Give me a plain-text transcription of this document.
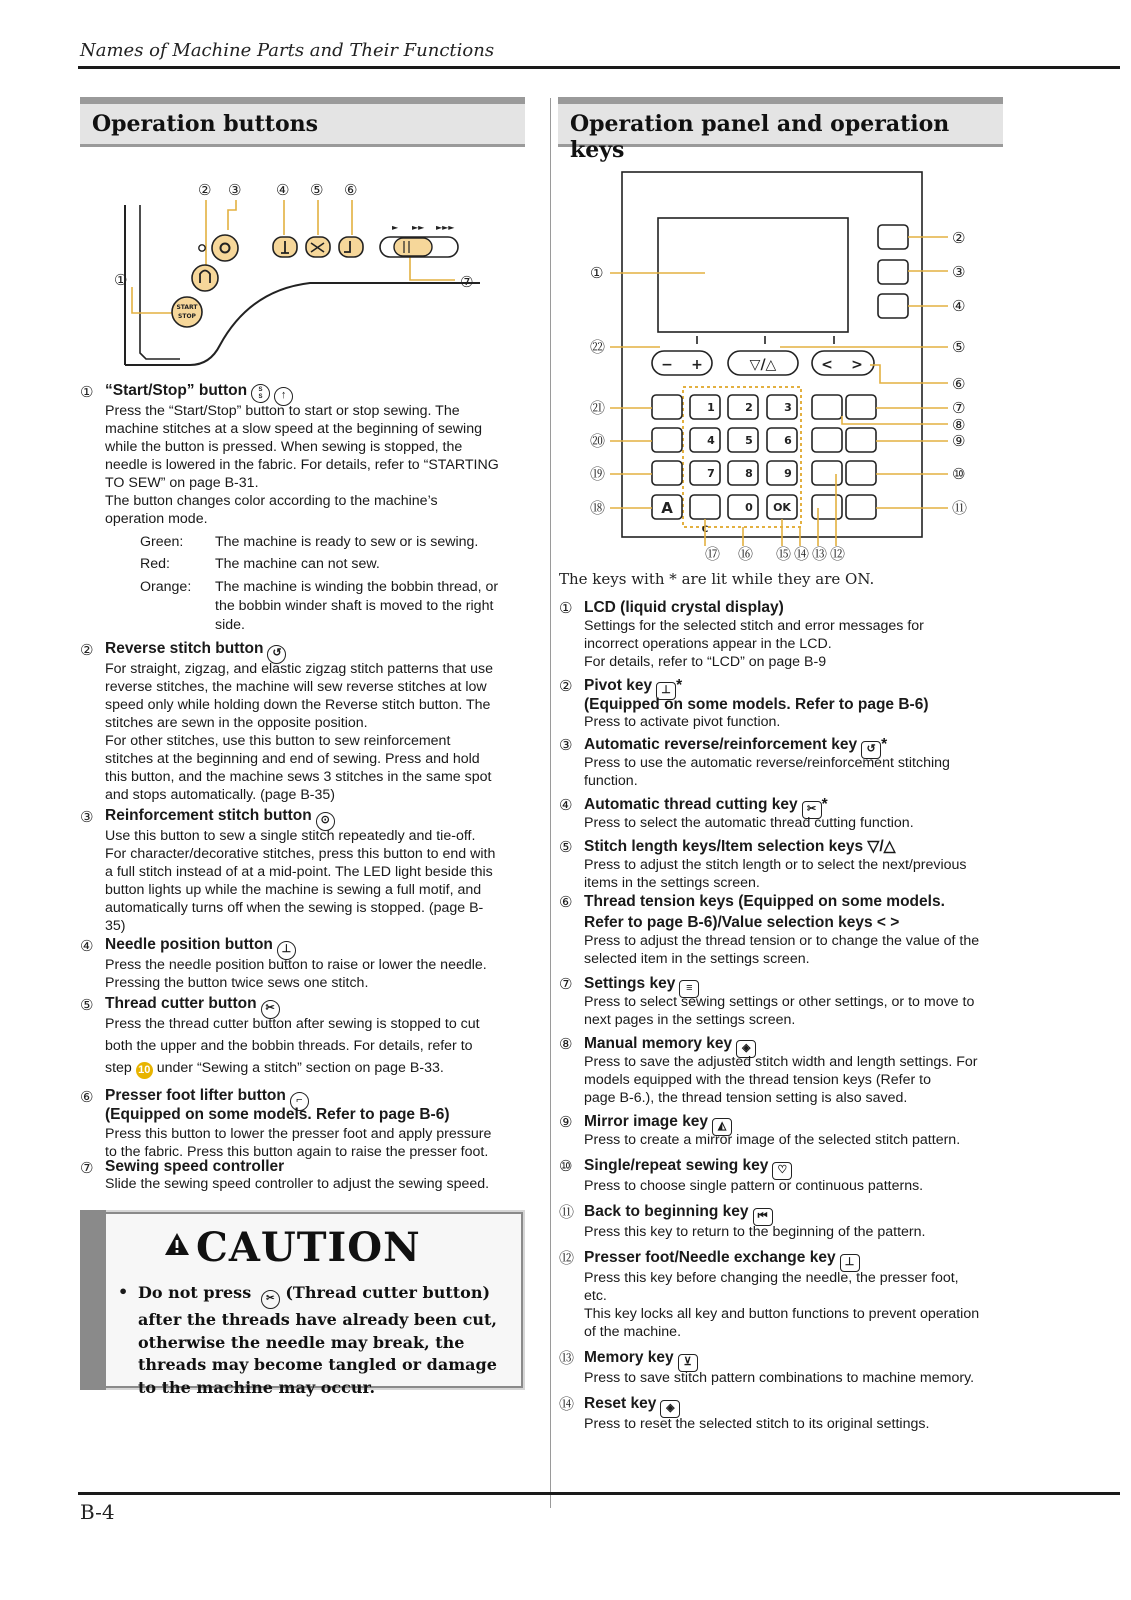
Names of Machine Parts and Their Functions
Operation buttons
② ③ ④ ⑤ ⑥
①	⑦
START
STOP
► ►► ►►►
① “Start/Stop” button S
S ↑
Press the “Start/Stop” button to start or stop sewing. The
machine stitches at a slow speed at the beginning of sewing
while the button is pressed. When sewing is stopped, the
needle is lowered in the fabric. For details, refer to “STARTING
TO SEW” on page B-31.
The button changes color according to the machine’s
operation mode.
Green: The machine is ready to sew or is sewing.
Red:	The machine can not sew.
Orange: The machine is winding the bobbin thread, or
the bobbin winder shaft is moved to the right
side.
② Reverse stitch button ↺
For straight, zigzag, and elastic zigzag stitch patterns that use
reverse stitches, the machine will sew reverse stitches at low
speed only while holding down the Reverse stitch button. The
stitches are sewn in the opposite position.
For other stitches, use this button to sew reinforcement
stitches at the beginning and end of sewing. Press and hold
this button, and the machine sews 3 stitches in the same spot
and stops automatically. (page B-35)
③ Reinforcement stitch button ⊙
Use this button to sew a single stitch repeatedly and tie-off.
For character/decorative stitches, press this button to end with
a full stitch instead of at a mid-point. The LED light beside this
button lights up while the machine is sewing a full motif, and
automatically turns off when the sewing is stopped. (page B-
35)
④ Needle position button ⊥
Press the needle position button to raise or lower the needle.
Pressing the button twice sews one stitch.
⑤ Thread cutter button ✂
Press the thread cutter button after sewing is stopped to cut
both the upper and the bobbin threads. For details, refer to
step 10 under “Sewing a stitch” section on page B-33.
⑥ Presser foot lifter button ⌐
(Equipped on some models. Refer to page B-6)
Press this button to lower the presser foot and apply pressure
to the fabric. Press this button again to raise the presser foot.
⑦ Sewing speed controller
Slide the sewing speed controller to adjust the sewing speed.
CAUTION
• Do not press ✂ (Thread cutter button) after the threads have already been cut, otherwise the needle may break, the threads may become tangled or damage to the machine may occur.
Operation panel and operation keys
− +	▽/△	< >
1	2	3
4	5	6
7	8	9
0 OK
A
C
①
㉒
㉑
⑳
⑲
⑱
②
③
④
⑤
⑥
⑦
⑧
⑨
⑩
⑪
⑰ ⑯ ⑮ ⑭ ⑬ ⑫
The keys with * are lit while they are ON.
① LCD (liquid crystal display)
Settings for the selected stitch and error messages for
incorrect operations appear in the LCD.
For details, refer to “LCD” on page B-9
② Pivot key ⊥ *
(Equipped on some models. Refer to page B-6)
Press to activate pivot function.
③ Automatic reverse/reinforcement key ↺ *
Press to use the automatic reverse/reinforcement stitching
function.
④ Automatic thread cutting key ✂ *
Press to select the automatic thread cutting function.
⑤ Stitch length keys/Item selection keys ▽/△
Press to adjust the stitch length or to select the next/previous
items in the settings screen.
⑥ Thread tension keys (Equipped on some models.
Refer to page B-6)/Value selection keys < >
Press to adjust the thread tension or to change the value of the
selected item in the settings screen.
⑦ Settings key ≡
Press to select sewing settings or other settings, or to move to
next pages in the settings screen.
⑧ Manual memory key ◈
Press to save the adjusted stitch width and length settings. For
models equipped with the thread tension keys (Refer to
page B-6.), the thread tension setting is also saved.
⑨ Mirror image key ◭
Press to create a mirror image of the selected stitch pattern.
⑩ Single/repeat sewing key ♡
Press to choose single pattern or continuous patterns.
⑪ Back to beginning key ⏮
Press this key to return to the beginning of the pattern.
⑫ Presser foot/Needle exchange key ⊥
Press this key before changing the needle, the presser foot,
etc.
This key locks all key and button functions to prevent operation
of the machine.
⑬ Memory key ⊻
Press to save stitch pattern combinations to machine memory.
⑭ Reset key ◈
Press to reset the selected stitch to its original settings.
B-4
